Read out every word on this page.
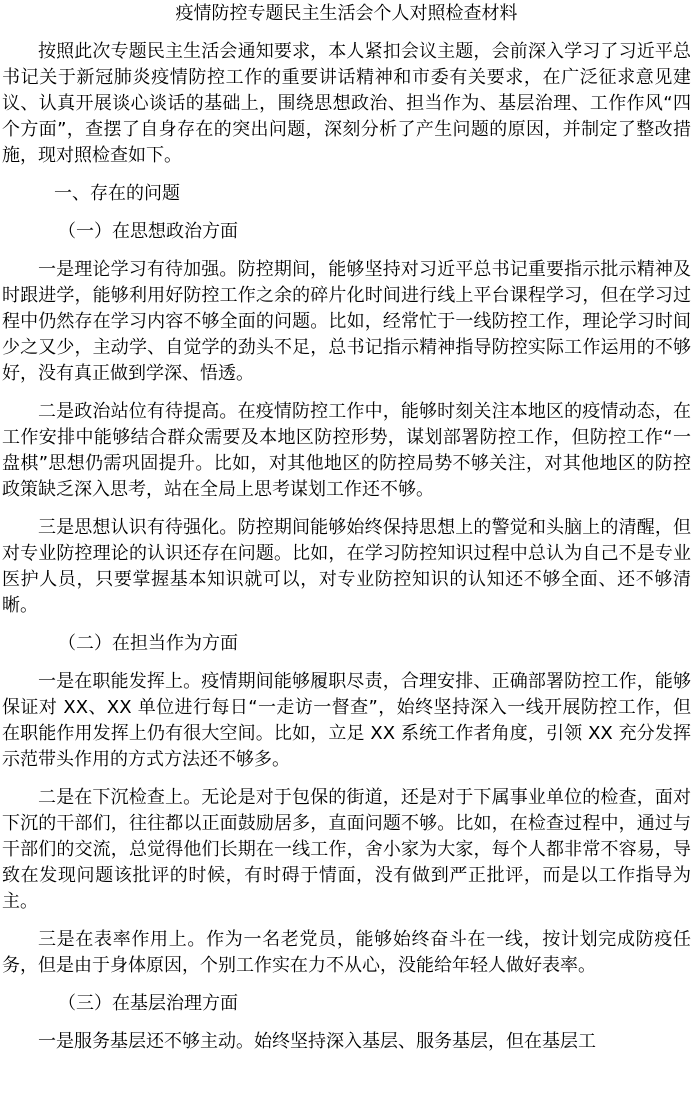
疫情防控专题民主生活会个人对照检查材料

按照此次专题民主生活会通知要求，本人紧扣会议主题，会前深入学习了习近平总书记关于新冠肺炎疫情防控工作的重要讲话精神和市委有关要求，在广泛征求意见建议、认真开展谈心谈话的基础上，围绕思想政治、担当作为、基层治理、工作作风“四个方面”，查摆了自身存在的突出问题，深刻分析了产生问题的原因，并制定了整改措施，现对照检查如下。

一、存在的问题

（一）在思想政治方面

一是理论学习有待加强。防控期间，能够坚持对习近平总书记重要指示批示精神及时跟进学，能够利用好防控工作之余的碎片化时间进行线上平台课程学习，但在学习过程中仍然存在学习内容不够全面的问题。比如，经常忙于一线防控工作，理论学习时间少之又少，主动学、自觉学的劲头不足，总书记指示精神指导防控实际工作运用的不够好，没有真正做到学深、悟透。

二是政治站位有待提高。在疫情防控工作中，能够时刻关注本地区的疫情动态，在工作安排中能够结合群众需要及本地区防控形势，谋划部署防控工作，但防控工作“一盘棋”思想仍需巩固提升。比如，对其他地区的防控局势不够关注，对其他地区的防控政策缺乏深入思考，站在全局上思考谋划工作还不够。

三是思想认识有待强化。防控期间能够始终保持思想上的警觉和头脑上的清醒，但对专业防控理论的认识还存在问题。比如，在学习防控知识过程中总认为自己不是专业医护人员，只要掌握基本知识就可以，对专业防控知识的认知还不够全面、还不够清晰。

（二）在担当作为方面

一是在职能发挥上。疫情期间能够履职尽责，合理安排、正确部署防控工作，能够保证对 XX、XX 单位进行每日“一走访一督查”，始终坚持深入一线开展防控工作，但在职能作用发挥上仍有很大空间。比如，立足 XX 系统工作者角度，引领 XX 充分发挥示范带头作用的方式方法还不够多。

二是在下沉检查上。无论是对于包保的街道，还是对于下属事业单位的检查，面对下沉的干部们，往往都以正面鼓励居多，直面问题不够。比如，在检查过程中，通过与干部们的交流，总觉得他们长期在一线工作，舍小家为大家，每个人都非常不容易，导致在发现问题该批评的时候，有时碍于情面，没有做到严正批评，而是以工作指导为主。

三是在表率作用上。作为一名老党员，能够始终奋斗在一线，按计划完成防疫任务，但是由于身体原因，个别工作实在力不从心，没能给年轻人做好表率。

（三）在基层治理方面

一是服务基层还不够主动。始终坚持深入基层、服务基层，但在基层工
